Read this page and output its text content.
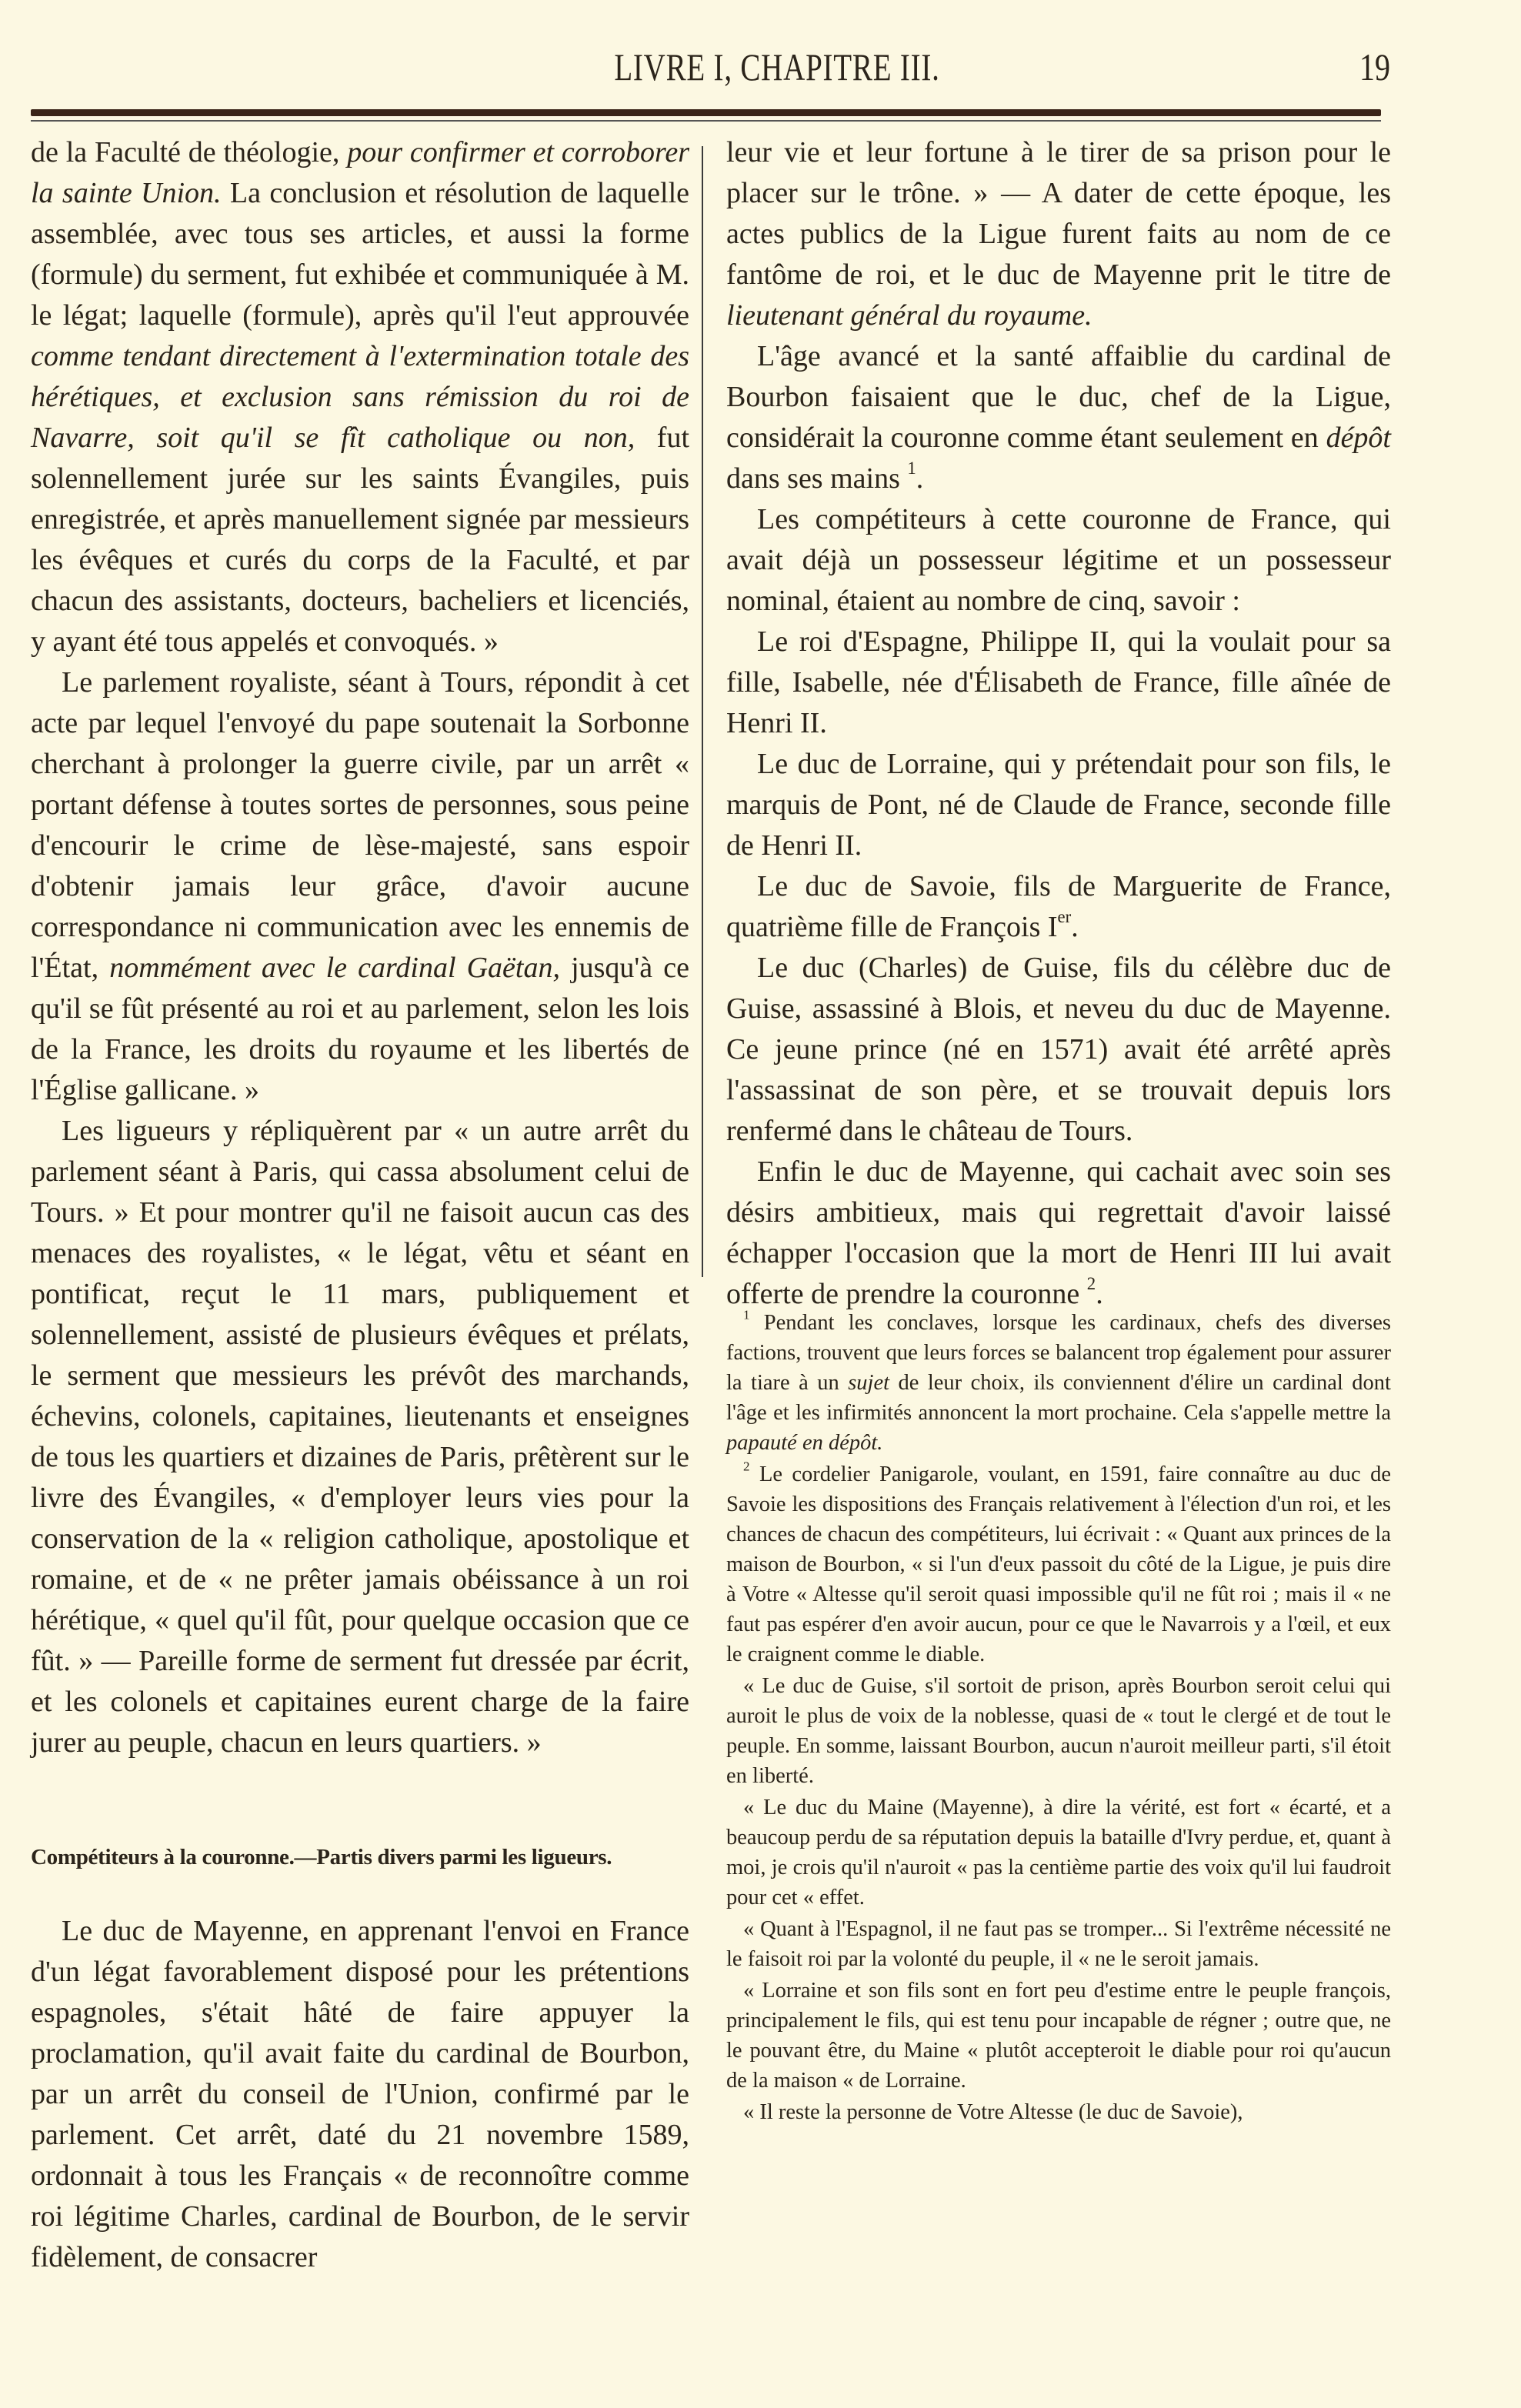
LIVRE I, CHAPITRE III.	19

de la Faculté de théologie, pour confirmer et corroborer la sainte Union. La conclusion et résolution de laquelle assemblée, avec tous ses articles, et aussi la forme (formule) du serment, fut exhibée et communiquée à M. le légat; laquelle (formule), après qu'il l'eut approuvée comme tendant directement à l'extermination totale des hérétiques, et exclusion sans rémission du roi de Navarre, soit qu'il se fît catholique ou non, fut solennellement jurée sur les saints Évangiles, puis enregistrée, et après manuellement signée par messieurs les évêques et curés du corps de la Faculté, et par chacun des assistants, docteurs, bacheliers et licenciés, y ayant été tous appelés et convoqués. »

Le parlement royaliste, séant à Tours, répondit à cet acte par lequel l'envoyé du pape soutenait la Sorbonne cherchant à prolonger la guerre civile, par un arrêt « portant défense à toutes sortes de personnes, sous peine d'encourir le crime de lèse-majesté, sans espoir d'obtenir jamais leur grâce, d'avoir aucune correspondance ni communication avec les ennemis de l'État, nommément avec le cardinal Gaëtan, jusqu'à ce qu'il se fût présenté au roi et au parlement, selon les lois de la France, les droits du royaume et les libertés de l'Église gallicane. »

Les ligueurs y répliquèrent par « un autre arrêt du parlement séant à Paris, qui cassa absolument celui de Tours. » Et pour montrer qu'il ne faisoit aucun cas des menaces des royalistes, « le légat, vêtu et séant en pontificat, reçut le 11 mars, publiquement et solennellement, assisté de plusieurs évêques et prélats, le serment que messieurs les prévôt des marchands, échevins, colonels, capitaines, lieutenants et enseignes de tous les quartiers et dizaines de Paris, prêtèrent sur le livre des Évangiles, « d'employer leurs vies pour la conservation de la « religion catholique, apostolique et romaine, et de « ne prêter jamais obéissance à un roi hérétique, « quel qu'il fût, pour quelque occasion que ce fût. » — Pareille forme de serment fut dressée par écrit, et les colonels et capitaines eurent charge de la faire jurer au peuple, chacun en leurs quartiers. »

Compétiteurs à la couronne.—Partis divers parmi les ligueurs.

Le duc de Mayenne, en apprenant l'envoi en France d'un légat favorablement disposé pour les prétentions espagnoles, s'était hâté de faire appuyer la proclamation, qu'il avait faite du cardinal de Bourbon, par un arrêt du conseil de l'Union, confirmé par le parlement. Cet arrêt, daté du 21 novembre 1589, ordonnait à tous les Français « de reconnoître comme roi légitime Charles, cardinal de Bourbon, de le servir fidèlement, de consacrer

leur vie et leur fortune à le tirer de sa prison pour le placer sur le trône. » — A dater de cette époque, les actes publics de la Ligue furent faits au nom de ce fantôme de roi, et le duc de Mayenne prit le titre de lieutenant général du royaume.

L'âge avancé et la santé affaiblie du cardinal de Bourbon faisaient que le duc, chef de la Ligue, considérait la couronne comme étant seulement en dépôt dans ses mains $^1$.

Les compétiteurs à cette couronne de France, qui avait déjà un possesseur légitime et un possesseur nominal, étaient au nombre de cinq, savoir :

Le roi d'Espagne, Philippe II, qui la voulait pour sa fille, Isabelle, née d'Élisabeth de France, fille aînée de Henri II.

Le duc de Lorraine, qui y prétendait pour son fils, le marquis de Pont, né de Claude de France, seconde fille de Henri II.

Le duc de Savoie, fils de Marguerite de France, quatrième fille de François Ier.

Le duc (Charles) de Guise, fils du célèbre duc de Guise, assassiné à Blois, et neveu du duc de Mayenne. Ce jeune prince (né en 1571) avait été arrêté après l'assassinat de son père, et se trouvait depuis lors renfermé dans le château de Tours.

Enfin le duc de Mayenne, qui cachait avec soin ses désirs ambitieux, mais qui regrettait d'avoir laissé échapper l'occasion que la mort de Henri III lui avait offerte de prendre la couronne $^2$.

$^1$ Pendant les conclaves, lorsque les cardinaux, chefs des diverses factions, trouvent que leurs forces se balancent trop également pour assurer la tiare à un sujet de leur choix, ils conviennent d'élire un cardinal dont l'âge et les infirmités annoncent la mort prochaine. Cela s'appelle mettre la papauté en dépôt.

$^2$ Le cordelier Panigarole, voulant, en 1591, faire connaître au duc de Savoie les dispositions des Français relativement à l'élection d'un roi, et les chances de chacun des compétiteurs, lui écrivait : « Quant aux princes de la maison de Bourbon, « si l'un d'eux passoit du côté de la Ligue, je puis dire à Votre « Altesse qu'il seroit quasi impossible qu'il ne fût roi ; mais il « ne faut pas espérer d'en avoir aucun, pour ce que le Navarrois y a l'œil, et eux le craignent comme le diable.

« Le duc de Guise, s'il sortoit de prison, après Bourbon seroit celui qui auroit le plus de voix de la noblesse, quasi de « tout le clergé et de tout le peuple. En somme, laissant Bourbon, aucun n'auroit meilleur parti, s'il étoit en liberté.

« Le duc du Maine (Mayenne), à dire la vérité, est fort « écarté, et a beaucoup perdu de sa réputation depuis la bataille d'Ivry perdue, et, quant à moi, je crois qu'il n'auroit « pas la centième partie des voix qu'il lui faudroit pour cet « effet.

« Quant à l'Espagnol, il ne faut pas se tromper... Si l'extrême nécessité ne le faisoit roi par la volonté du peuple, il « ne le seroit jamais.

« Lorraine et son fils sont en fort peu d'estime entre le peuple françois, principalement le fils, qui est tenu pour incapable de régner ; outre que, ne le pouvant être, du Maine « plutôt accepteroit le diable pour roi qu'aucun de la maison « de Lorraine.

« Il reste la personne de Votre Altesse (le duc de Savoie),
